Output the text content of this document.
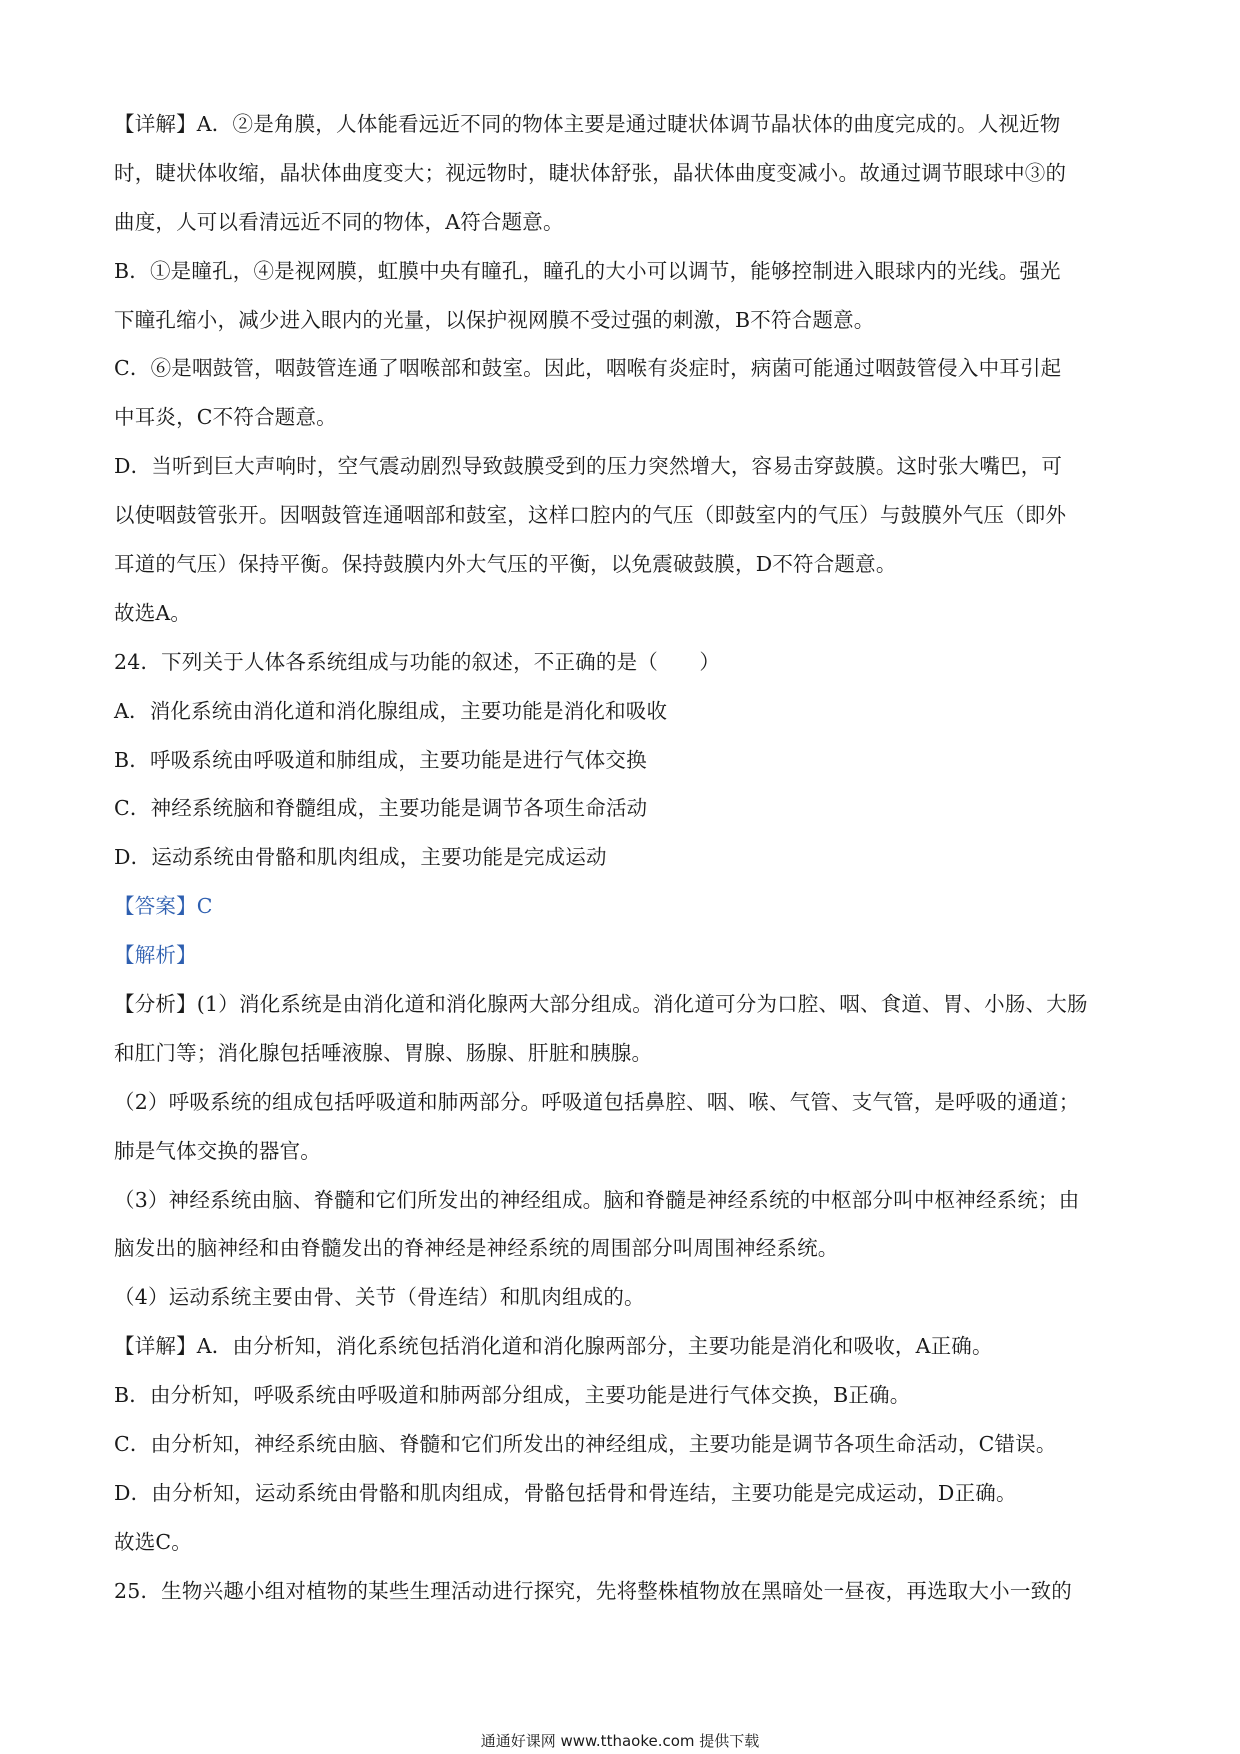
【详解】A．②是角膜，人体能看远近不同的物体主要是通过睫状体调节晶状体的曲度完成的。人视近物
时，睫状体收缩，晶状体曲度变大；视远物时，睫状体舒张，晶状体曲度变减小。故通过调节眼球中③的
曲度，人可以看清远近不同的物体，A符合题意。
B．①是瞳孔，④是视网膜，虹膜中央有瞳孔，瞳孔的大小可以调节，能够控制进入眼球内的光线。强光
下瞳孔缩小，减少进入眼内的光量，以保护视网膜不受过强的刺激，B不符合题意。
C．⑥是咽鼓管，咽鼓管连通了咽喉部和鼓室。因此，咽喉有炎症时，病菌可能通过咽鼓管侵入中耳引起
中耳炎，C不符合题意。
D．当听到巨大声响时，空气震动剧烈导致鼓膜受到的压力突然增大，容易击穿鼓膜。这时张大嘴巴，可
以使咽鼓管张开。因咽鼓管连通咽部和鼓室，这样口腔内的气压（即鼓室内的气压）与鼓膜外气压（即外
耳道的气压）保持平衡。保持鼓膜内外大气压的平衡，以免震破鼓膜，D不符合题意。
故选A。
24．下列关于人体各系统组成与功能的叙述，不正确的是（　　）
A．消化系统由消化道和消化腺组成，主要功能是消化和吸收
B．呼吸系统由呼吸道和肺组成，主要功能是进行气体交换
C．神经系统脑和脊髓组成，主要功能是调节各项生命活动
D．运动系统由骨骼和肌肉组成，主要功能是完成运动
【答案】C
【解析】
【分析】(1）消化系统是由消化道和消化腺两大部分组成。消化道可分为口腔、咽、食道、胃、小肠、大肠
和肛门等；消化腺包括唾液腺、胃腺、肠腺、肝脏和胰腺。
（2）呼吸系统的组成包括呼吸道和肺两部分。呼吸道包括鼻腔、咽、喉、气管、支气管，是呼吸的通道；
肺是气体交换的器官。
（3）神经系统由脑、脊髓和它们所发出的神经组成。脑和脊髓是神经系统的中枢部分叫中枢神经系统；由
脑发出的脑神经和由脊髓发出的脊神经是神经系统的周围部分叫周围神经系统。
（4）运动系统主要由骨、关节（骨连结）和肌肉组成的。
【详解】A．由分析知，消化系统包括消化道和消化腺两部分，主要功能是消化和吸收，A正确。
B．由分析知，呼吸系统由呼吸道和肺两部分组成，主要功能是进行气体交换，B正确。
C．由分析知，神经系统由脑、脊髓和它们所发出的神经组成，主要功能是调节各项生命活动，C错误。
D．由分析知，运动系统由骨骼和肌肉组成，骨骼包括骨和骨连结，主要功能是完成运动，D正确。
故选C。
25．生物兴趣小组对植物的某些生理活动进行探究，先将整株植物放在黑暗处一昼夜，再选取大小一致的
通通好课网 www.tthaoke.com 提供下载
